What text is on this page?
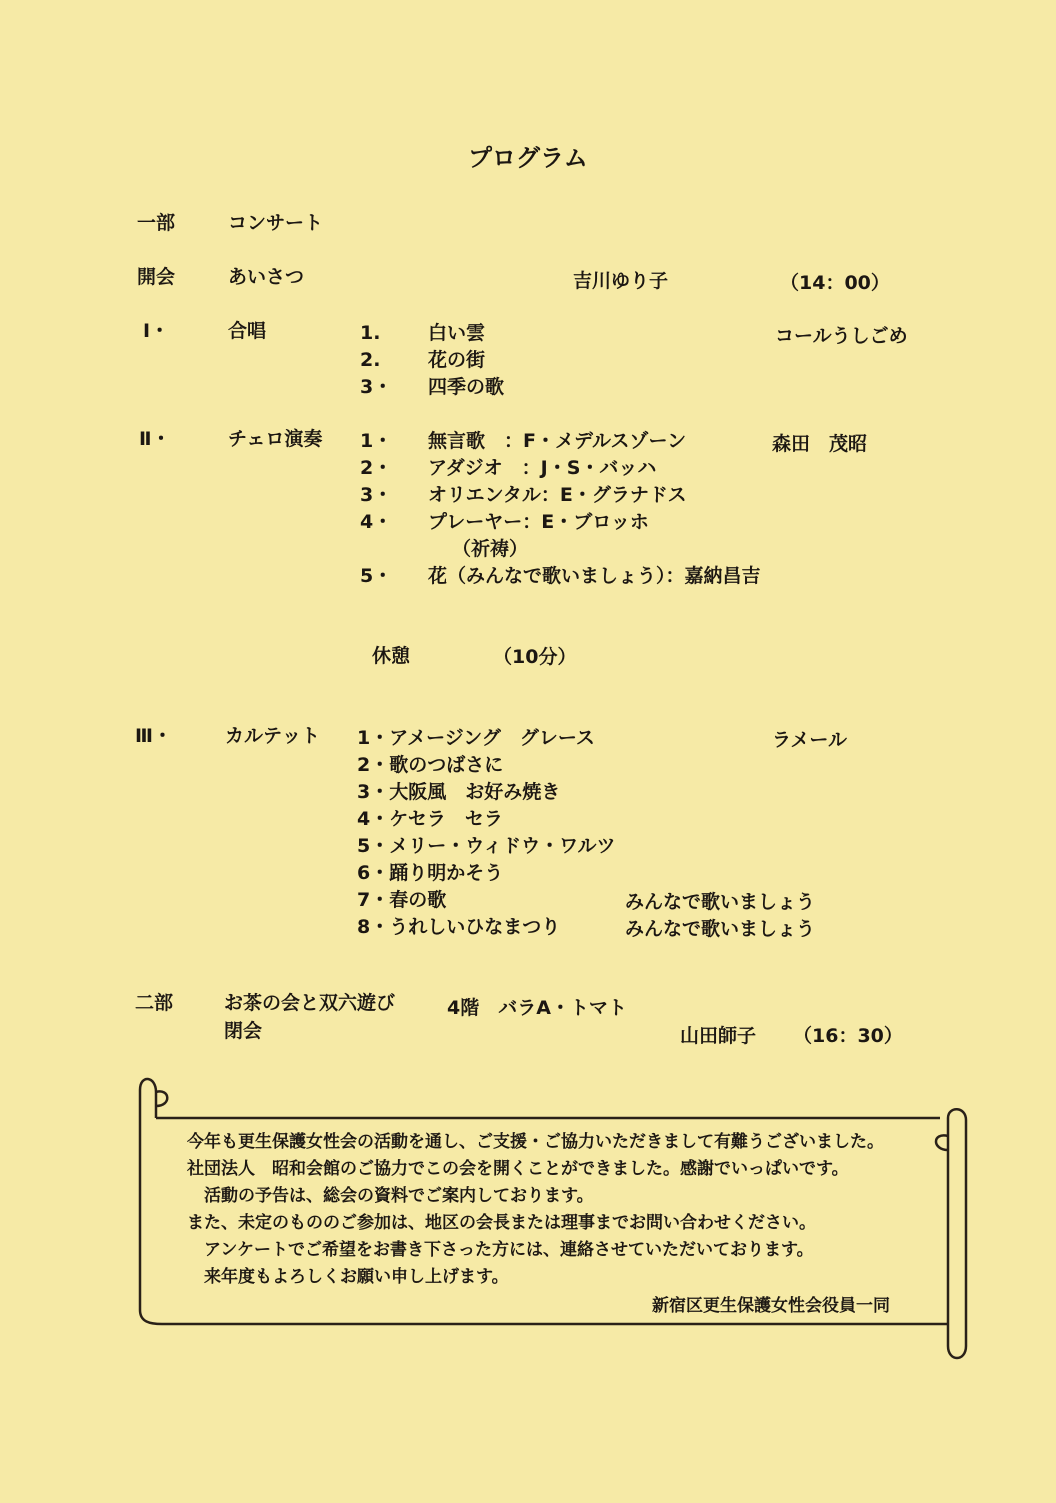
プログラム
一部	コンサート
開会	あいさつ	吉川ゆり子	（14：00）
Ⅰ・	合唱	コールうしごめ
1.	白い雲
2.	花の街
3・ 四季の歌
Ⅱ・	チェロ演奏	森田　茂昭
1・ 無言歌　：F・メデルスゾーン
2・ アダジオ　：J・S・バッハ
3・ オリエンタル：E・グラナドス
4・ プレーヤー：E・ブロッホ
（祈祷）
5・ 花（みんなで歌いましょう）：嘉納昌吉
休憩	（10分）
Ⅲ・	カルテット	ラメール
1・アメージング　グレース
2・歌のつばさに
3・大阪風　お好み焼き
4・ケセラ　セラ
5・メリー・ウィドウ・ワルツ
6・踊り明かそう
7・春の歌	みんなで歌いましょう
8・うれしいひなまつり	みんなで歌いましょう
二部	お茶の会と双六遊び	4階　バラA・トマト
閉会	山田師子 （16：30）
今年も更生保護女性会の活動を通し、ご支援・ご協力いただきまして有難うございました。
社団法人　昭和会館のご協力でこの会を開くことができました。感謝でいっぱいです。
　活動の予告は、総会の資料でご案内しております。
また、未定のもののご参加は、地区の会長または理事までお問い合わせください。
　アンケートでご希望をお書き下さった方には、連絡させていただいております。
　来年度もよろしくお願い申し上げます。
新宿区更生保護女性会役員一同
